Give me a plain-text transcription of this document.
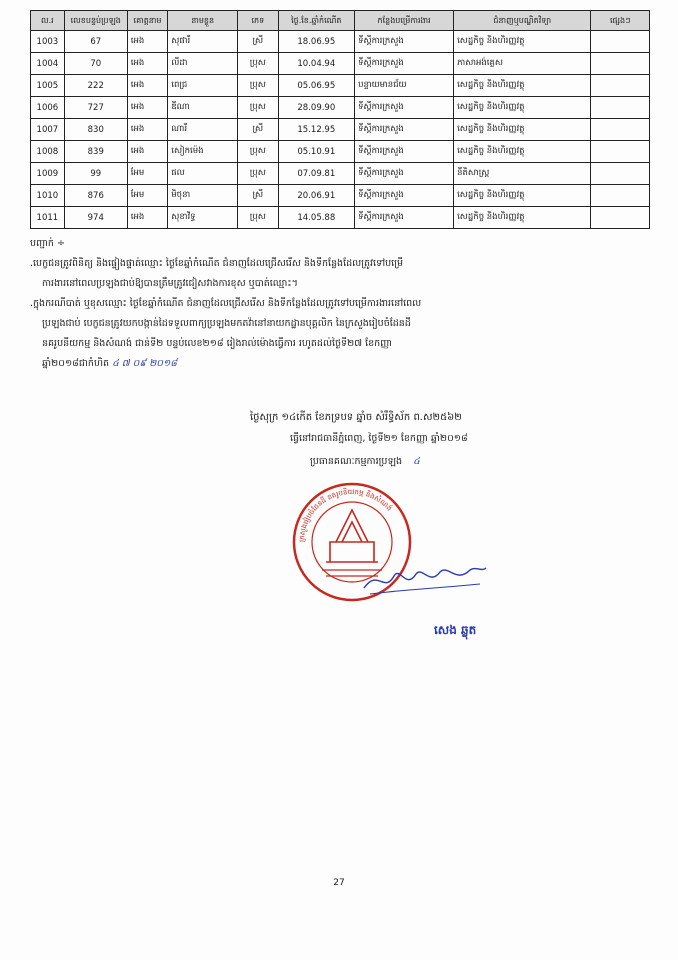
ល.រ	លេខបន្ទប់ប្រឡង	គោត្តនាម	នាមខ្លួន	ភេទ	ថ្ងៃ.ខែ.ឆ្នាំកំណើត	កន្លែងបម្រើការងារ	ជំនាញឬបណ្ឌិតវិទ្យា	ផ្សេងៗ
1003	67	អេង	សុផារី	ស្រី	18.06.95	ទីស្តីការក្រសួង	សេដ្ឋកិច្ច និងហិរញ្ញវត្ថុ	
1004	70	អេង	លីដា	ប្រុស	10.04.94	ទីស្តីការក្រសួង	ភាសាអង់គ្លេស	
1005	222	អេង	ពេជ្រ	ប្រុស	05.06.95	បន្ទាយមានជ័យ	សេដ្ឋកិច្ច និងហិរញ្ញវត្ថុ	
1006	727	អេង	ឌីណា	ប្រុស	28.09.90	ទីស្តីការក្រសួង	សេដ្ឋកិច្ច និងហិរញ្ញវត្ថុ	
1007	830	អេង	ណារី	ស្រី	15.12.95	ទីស្តីការក្រសួង	សេដ្ឋកិច្ច និងហិរញ្ញវត្ថុ	
1008	839	អេង	សៀកម៉េង	ប្រុស	05.10.91	ទីស្តីការក្រសួង	សេដ្ឋកិច្ច និងហិរញ្ញវត្ថុ	
1009	99	អែម	ផល	ប្រុស	07.09.81	ទីស្តីការក្រសួង	នីតិសាស្ត្រ	
1010	876	អែម	មិថុនា	ស្រី	20.06.91	ទីស្តីការក្រសួង	សេដ្ឋកិច្ច និងហិរញ្ញវត្ថុ	
1011	974	អេង	សុខាវិទ្ធ	ប្រុស	14.05.88	ទីស្តីការក្រសួង	សេដ្ឋកិច្ច និងហិរញ្ញវត្ថុ	

បញ្ជាក់ ÷

.បេក្ខជនត្រូវពិនិត្យ និងផ្ទៀងផ្ទាត់ឈ្មោះ ថ្ងៃខែឆ្នាំកំណើត ជំនាញដែលជ្រើសរើស និងទីកន្លែងដែលត្រូវទៅបម្រើ

ការងារនៅពេលប្រឡងជាប់ឱ្យបានត្រឹមត្រូវជៀសវាងការខុស ឬបាត់ឈ្មោះ។

.ក្នុងករណីបាត់ ឬខុសឈ្មោះ ថ្ងៃខែឆ្នាំកំណើត ជំនាញដែលជ្រើសរើស និងទីកន្លែងដែលត្រូវទៅបម្រើការងារនៅពេល

ប្រឡងជាប់ បេក្ខជនត្រូវយកបង្កាន់ដៃទទួលពាក្យប្រឡងមកតវ៉ានៅនាយកដ្ឋានបុគ្គលិក នៃក្រសួងរៀបចំដែនដី

នគរូបនីយកម្ម និងសំណង់ ជាន់ទី២ បន្ទប់លេខ២១៨ រៀងរាល់ម៉ោងធ្វើការ រហូតដល់ថ្ងៃទី២៧ ខែកញ្ញា

ឆ្នាំ២០១៨ជាកំហិត ៤ ៧ ០៩ ២០១៨

ថ្ងៃសុក្រ ១៤កើត ខែភទ្របទ ឆ្នាំច សំរឹទ្ធិស័ក ព.ស២៥៦២
ធ្វើនៅរាជធានីភ្នំពេញ, ថ្ងៃទី២១ ខែកញ្ញា ឆ្នាំ២០១៨
ប្រធានគណៈកម្មការប្រឡង ៤
ក្រសួងរៀបចំដែនដី នគរូបនីយកម្ម និងសំណង់
សេង ឆ្លុត
27
